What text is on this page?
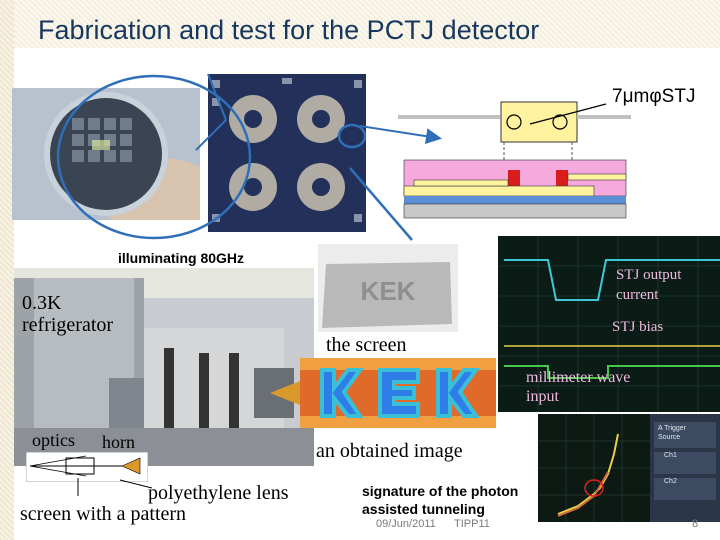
Fabrication and test for the PCTJ detector
7μmφSTJ
illuminating 80GHz
0.3K
refrigerator
optics horn
polyethylene lens
screen with a pattern
KEK
the screen
an obtained image
STJ output
current
STJ bias
millimeter wave
input
A Trigger
Source
Ch1
Ch2
signature of the photon
assisted tunneling
09/Jun/2011 TIPP11	8
